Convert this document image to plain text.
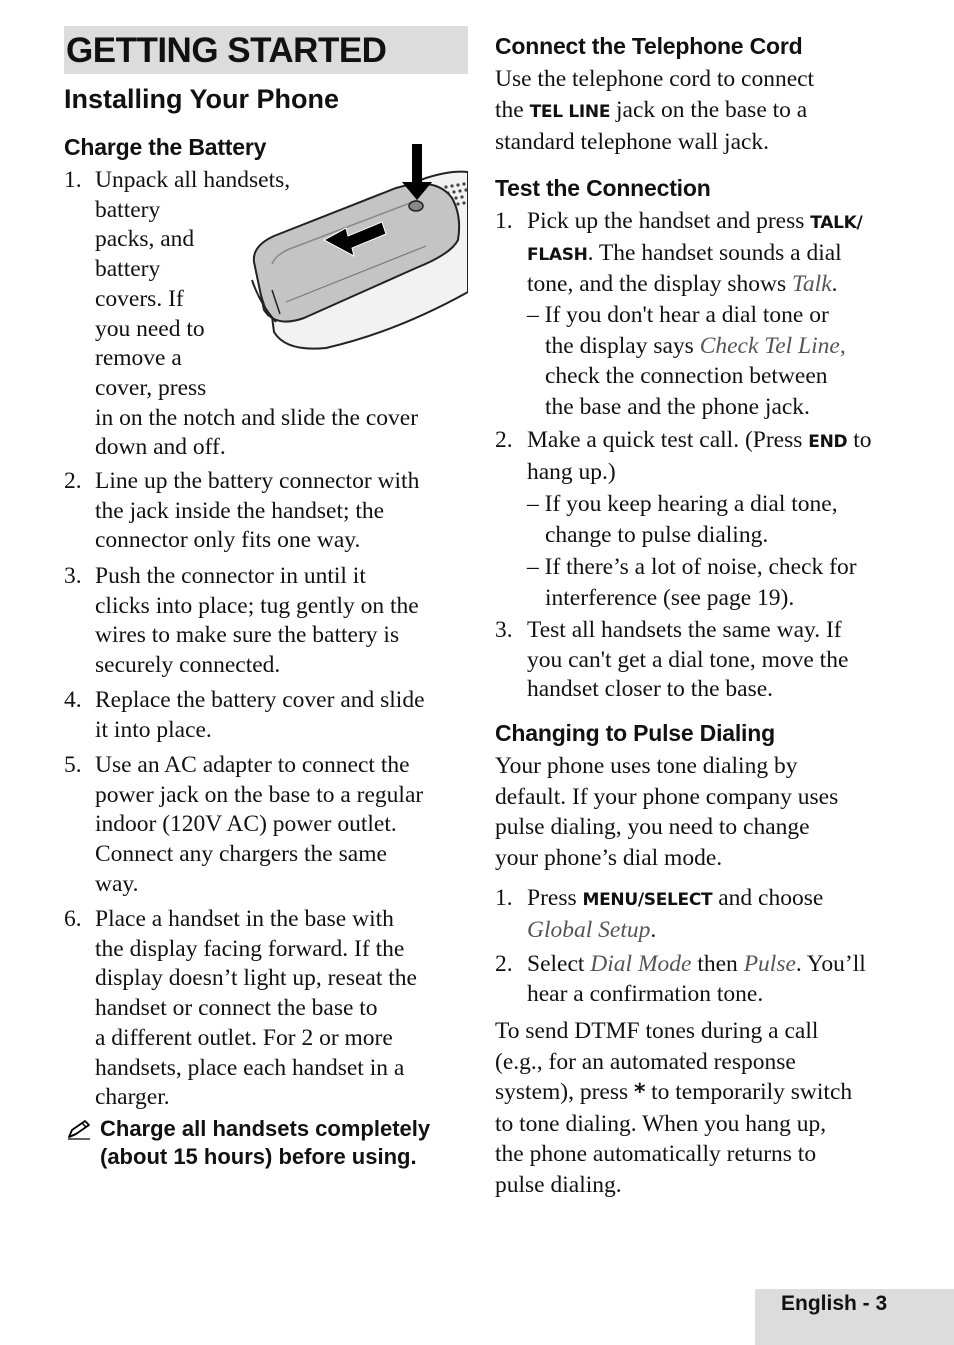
GETTING STARTED
Installing Your Phone
Charge the Battery
1. Unpack all handsets,
battery
packs, and
battery
covers. If
you need to
remove a
cover, press
in on the notch and slide the cover
down and off.
2. Line up the battery connector with
the jack inside the handset; the
connector only fits one way.
3. Push the connector in until it
clicks into place; tug gently on the
wires to make sure the battery is
securely connected.
4. Replace the battery cover and slide
it into place.
5. Use an AC adapter to connect the
power jack on the base to a regular
indoor (120V AC) power outlet.
Connect any chargers the same
way.
6. Place a handset in the base with
the display facing forward. If the
display doesn’t light up, reseat the
handset or connect the base to
a different outlet. For 2 or more
handsets, place each handset in a
charger.
Charge all handsets completely
(about 15 hours) before using.
Connect the Telephone Cord
Use the telephone cord to connect
the TEL LINE jack on the base to a
standard telephone wall jack.
Test the Connection
1. Pick up the handset and press TALK/
FLASH. The handset sounds a dial
tone, and the display shows Talk.
– If you don't hear a dial tone or
the display says Check Tel Line,
check the connection between
the base and the phone jack.
2. Make a quick test call. (Press END to
hang up.)
– If you keep hearing a dial tone,
change to pulse dialing.
– If there’s a lot of noise, check for
interference (see page 19).
3. Test all handsets the same way. If
you can't get a dial tone, move the
handset closer to the base.
Changing to Pulse Dialing
Your phone uses tone dialing by
default. If your phone company uses
pulse dialing, you need to change
your phone’s dial mode.
1. Press MENU/SELECT and choose
Global Setup.
2. Select Dial Mode then Pulse. You’ll
hear a confirmation tone.
To send DTMF tones during a call
(e.g., for an automated response
system), press * to temporarily switch
to tone dialing. When you hang up,
the phone automatically returns to
pulse dialing.
English - 3
